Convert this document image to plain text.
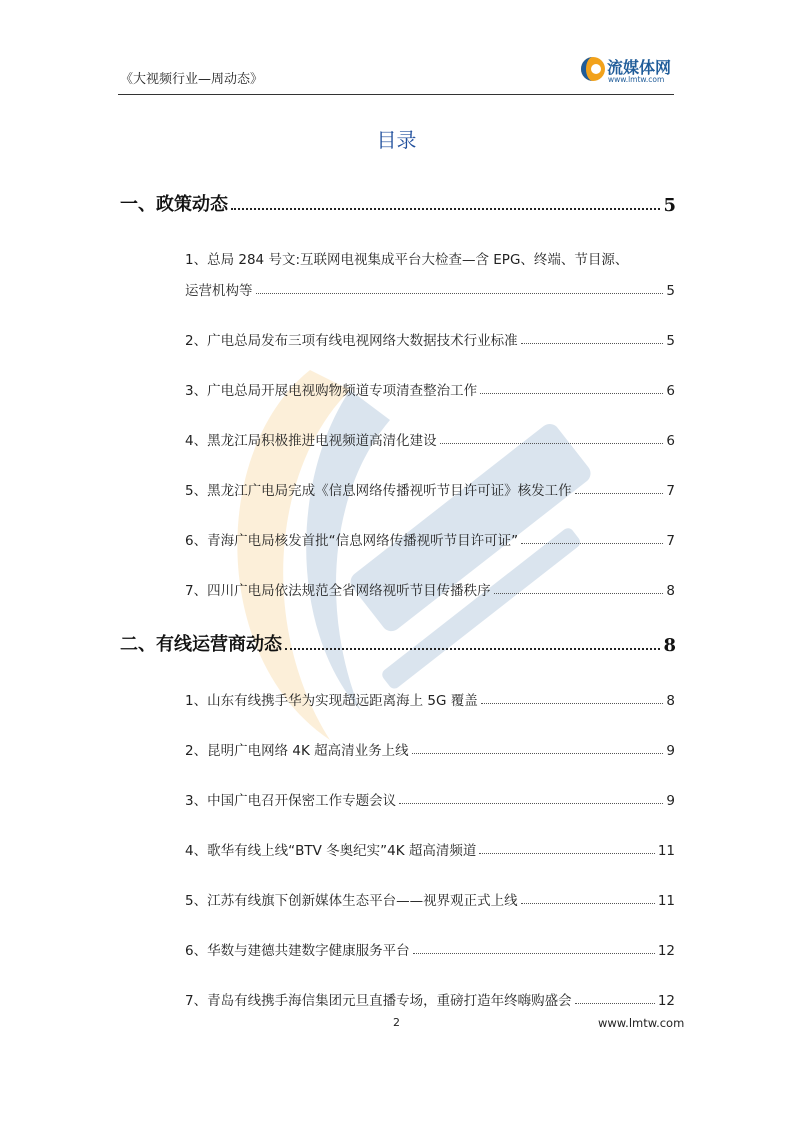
《大视频行业—周动态》
流媒体网
www.lmtw.com
目录
一、政策动态	5
1、总局 284 号文:互联网电视集成平台大检查—含 EPG、终端、节目源、
运营机构等	5
2、广电总局发布三项有线电视网络大数据技术行业标准	5
3、广电总局开展电视购物频道专项清查整治工作	6
4、黑龙江局积极推进电视频道高清化建设	6
5、黑龙江广电局完成《信息网络传播视听节目许可证》核发工作	7
6、青海广电局核发首批“信息网络传播视听节目许可证”	7
7、四川广电局依法规范全省网络视听节目传播秩序	8
二、有线运营商动态	8
1、山东有线携手华为实现超远距离海上 5G 覆盖	8
2、昆明广电网络 4K 超高清业务上线	9
3、中国广电召开保密工作专题会议	9
4、歌华有线上线“BTV 冬奥纪实”4K 超高清频道	11
5、江苏有线旗下创新媒体生态平台——视界观正式上线	11
6、华数与建德共建数字健康服务平台	12
7、青岛有线携手海信集团元旦直播专场，重磅打造年终嗨购盛会	12
2	www.lmtw.com
